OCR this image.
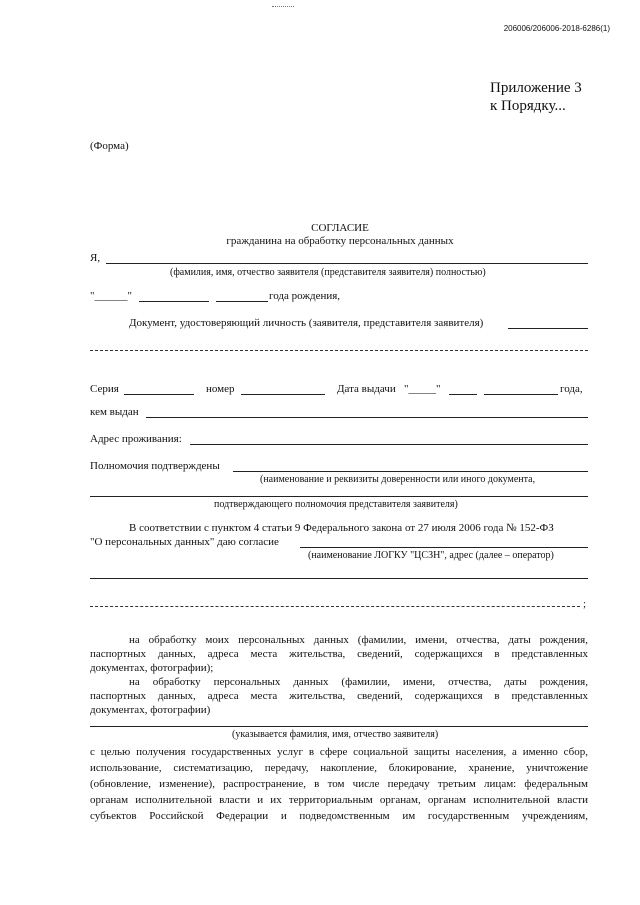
206006/206006-2018-6286(1)
Приложение 3
к Порядку...
(Форма)
СОГЛАСИЕ
гражданина на обработку персональных данных
Я,
(фамилия, имя, отчество заявителя (представителя заявителя) полностью)
"______"	года рождения,
Документ, удостоверяющий личность (заявителя, представителя заявителя)
Серия	номер	Дата выдачи "_____"	года,
кем выдан
Адрес проживания:
Полномочия подтверждены
(наименование и реквизиты доверенности или иного документа,
подтверждающего полномочия представителя заявителя)
В соответствии с пунктом 4 статьи 9 Федерального закона от 27 июля 2006 года № 152-ФЗ
"О персональных данных" даю согласие
(наименование ЛОГКУ "ЦСЗН", адрес (далее – оператор)
;
на обработку моих персональных данных (фамилии, имени, отчества, даты рождения,
паспортных данных, адреса места жительства, сведений, содержащихся в представленных
документах, фотографии);
на обработку персональных данных (фамилии, имени, отчества, даты рождения,
паспортных данных, адреса места жительства, сведений, содержащихся в представленных
документах, фотографии)
(указывается фамилия, имя, отчество заявителя)
с целью получения государственных услуг в сфере социальной защиты населения, а именно сбор,
использование, систематизацию, передачу, накопление, блокирование, хранение, уничтожение
(обновление, изменение), распространение, в том числе передачу третьим лицам: федеральным
органам исполнительной власти и их территориальным органам, органам исполнительной власти
субъектов Российской Федерации и подведомственным им государственным учреждениям,
